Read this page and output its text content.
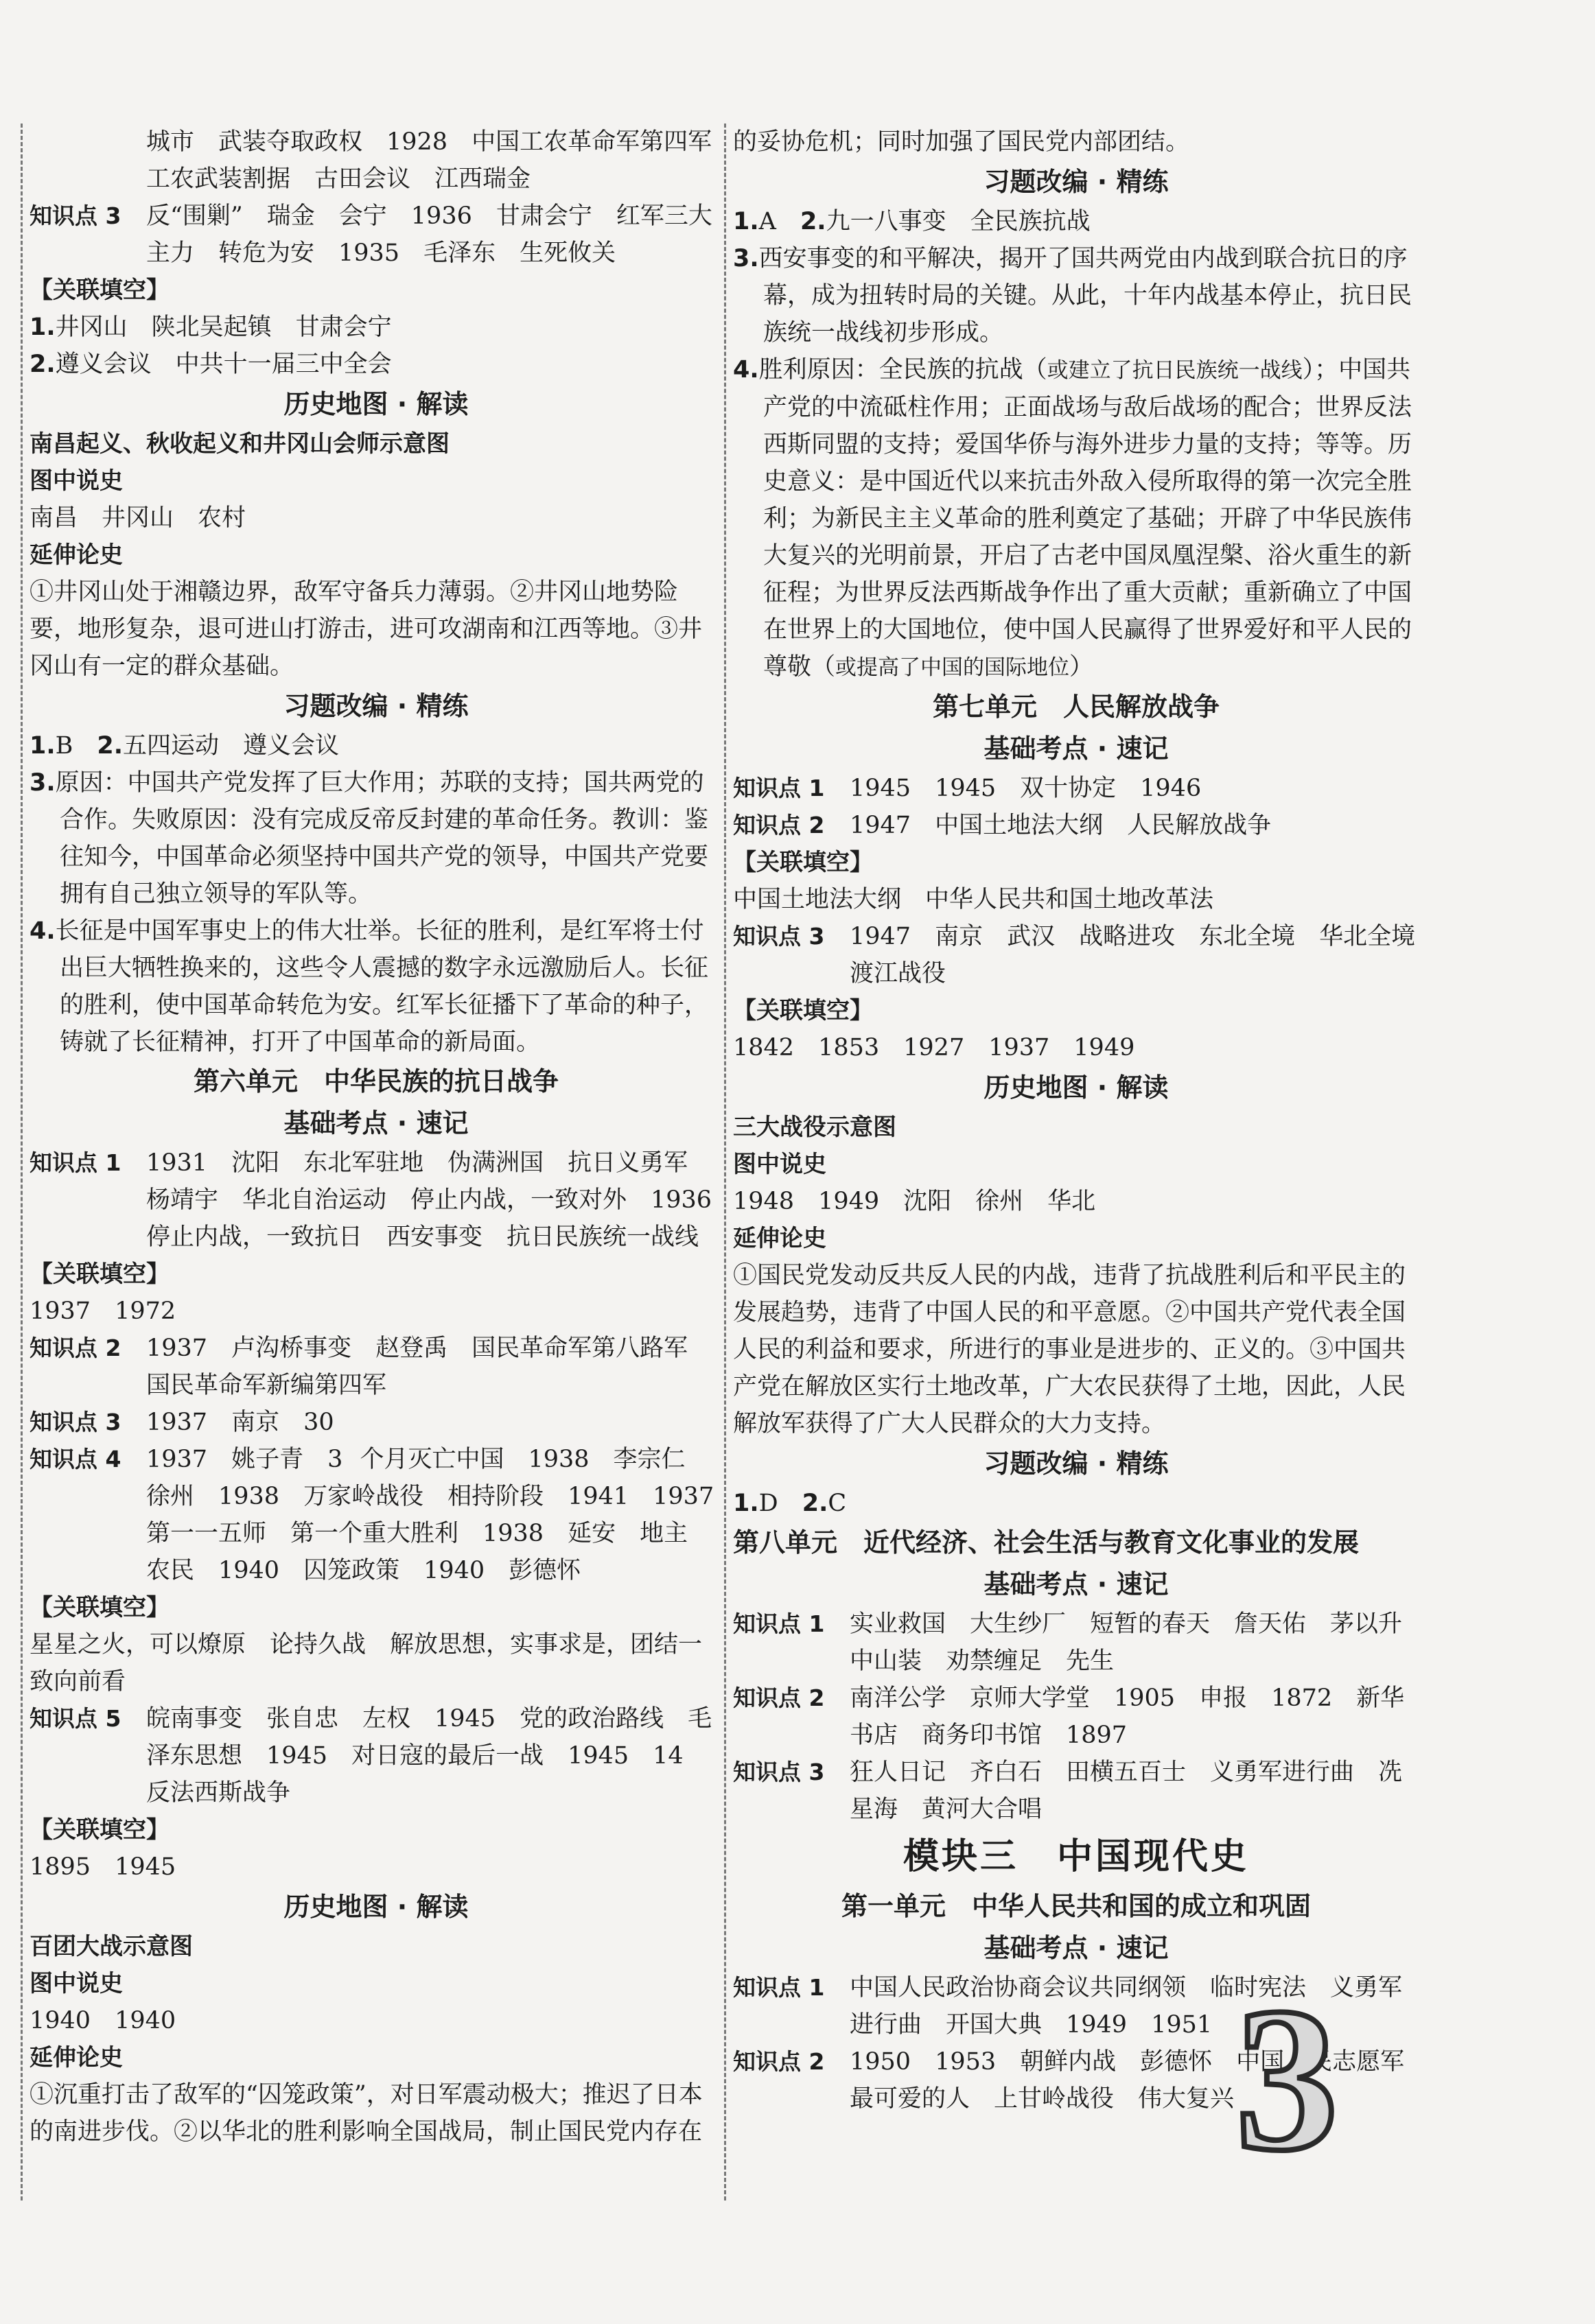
城市　武装夺取政权　1928　中国工农革命军第四军　工农武装割据　古田会议　江西瑞金

知识点 3	反“围剿”　瑞金　会宁　1936　甘肃会宁　红军三大主力　转危为安　1935　毛泽东　生死攸关
【关联填空】

1.井冈山　陕北吴起镇　甘肃会宁

2.遵义会议　中共十一届三中全会

历史地图 · 解读
南昌起义、秋收起义和井冈山会师示意图
图中说史

南昌　井冈山　农村

延伸论史

①井冈山处于湘赣边界，敌军守备兵力薄弱。②井冈山地势险要，地形复杂，退可进山打游击，进可攻湖南和江西等地。③井冈山有一定的群众基础。

习题改编 · 精练

1.B　2.五四运动　遵义会议

3.原因：中国共产党发挥了巨大作用；苏联的支持；国共两党的合作。失败原因：没有完成反帝反封建的革命任务。教训：鉴往知今，中国革命必须坚持中国共产党的领导，中国共产党要拥有自己独立领导的军队等。

4.长征是中国军事史上的伟大壮举。长征的胜利，是红军将士付出巨大牺牲换来的，这些令人震撼的数字永远激励后人。长征的胜利，使中国革命转危为安。红军长征播下了革命的种子，铸就了长征精神，打开了中国革命的新局面。

第六单元　中华民族的抗日战争
基础考点 · 速记
知识点 1	1931　沈阳　东北军驻地　伪满洲国　抗日义勇军　杨靖宇　华北自治运动　停止内战，一致对外　1936　停止内战，一致抗日　西安事变　抗日民族统一战线
【关联填空】

1937　1972

知识点 2	1937　卢沟桥事变　赵登禹　国民革命军第八路军　国民革命军新编第四军
知识点 3	1937　南京　30
知识点 4	1937　姚子青　3 个月灭亡中国　1938　李宗仁　徐州　1938　万家岭战役　相持阶段　1941　1937　第一一五师　第一个重大胜利　1938　延安　地主　农民　1940　囚笼政策　1940　彭德怀
【关联填空】

星星之火，可以燎原　论持久战　解放思想，实事求是，团结一致向前看

知识点 5	皖南事变　张自忠　左权　1945　党的政治路线　毛泽东思想　1945　对日寇的最后一战　1945　14　反法西斯战争
【关联填空】

1895　1945

历史地图 · 解读
百团大战示意图
图中说史

1940　1940

延伸论史

①沉重打击了敌军的“囚笼政策”，对日军震动极大；推迟了日本的南进步伐。②以华北的胜利影响全国战局，制止国民党内存在

的妥协危机；同时加强了国民党内部团结。

习题改编 · 精练

1.A　2.九一八事变　全民族抗战

3.西安事变的和平解决，揭开了国共两党由内战到联合抗日的序幕，成为扭转时局的关键。从此，十年内战基本停止，抗日民族统一战线初步形成。

4.胜利原因：全民族的抗战（或建立了抗日民族统一战线）；中国共产党的中流砥柱作用；正面战场与敌后战场的配合；世界反法西斯同盟的支持；爱国华侨与海外进步力量的支持；等等。历史意义：是中国近代以来抗击外敌入侵所取得的第一次完全胜利；为新民主主义革命的胜利奠定了基础；开辟了中华民族伟大复兴的光明前景，开启了古老中国凤凰涅槃、浴火重生的新征程；为世界反法西斯战争作出了重大贡献；重新确立了中国在世界上的大国地位，使中国人民赢得了世界爱好和平人民的尊敬（或提高了中国的国际地位）

第七单元　人民解放战争
基础考点 · 速记
知识点 1	1945　1945　双十协定　1946
知识点 2	1947　中国土地法大纲　人民解放战争
【关联填空】

中国土地法大纲　中华人民共和国土地改革法

知识点 3	1947　南京　武汉　战略进攻　东北全境　华北全境　渡江战役
【关联填空】

1842　1853　1927　1937　1949

历史地图 · 解读
三大战役示意图
图中说史

1948　1949　沈阳　徐州　华北

延伸论史

①国民党发动反共反人民的内战，违背了抗战胜利后和平民主的发展趋势，违背了中国人民的和平意愿。②中国共产党代表全国人民的利益和要求，所进行的事业是进步的、正义的。③中国共产党在解放区实行土地改革，广大农民获得了土地，因此，人民解放军获得了广大人民群众的大力支持。

习题改编 · 精练

1.D　2.C

第八单元　近代经济、社会生活与教育文化事业的发展
基础考点 · 速记
知识点 1	实业救国　大生纱厂　短暂的春天　詹天佑　茅以升　中山装　劝禁缠足　先生
知识点 2	南洋公学　京师大学堂　1905　申报　1872　新华书店　商务印书馆　1897
知识点 3	狂人日记　齐白石　田横五百士　义勇军进行曲　冼星海　黄河大合唱
模块三　中国现代史
第一单元　中华人民共和国的成立和巩固
基础考点 · 速记
知识点 1	中国人民政治协商会议共同纲领　临时宪法　义勇军进行曲　开国大典　1949　1951
知识点 2	1950　1953　朝鲜内战　彭德怀　中国人民志愿军　最可爱的人　上甘岭战役　伟大复兴 3
